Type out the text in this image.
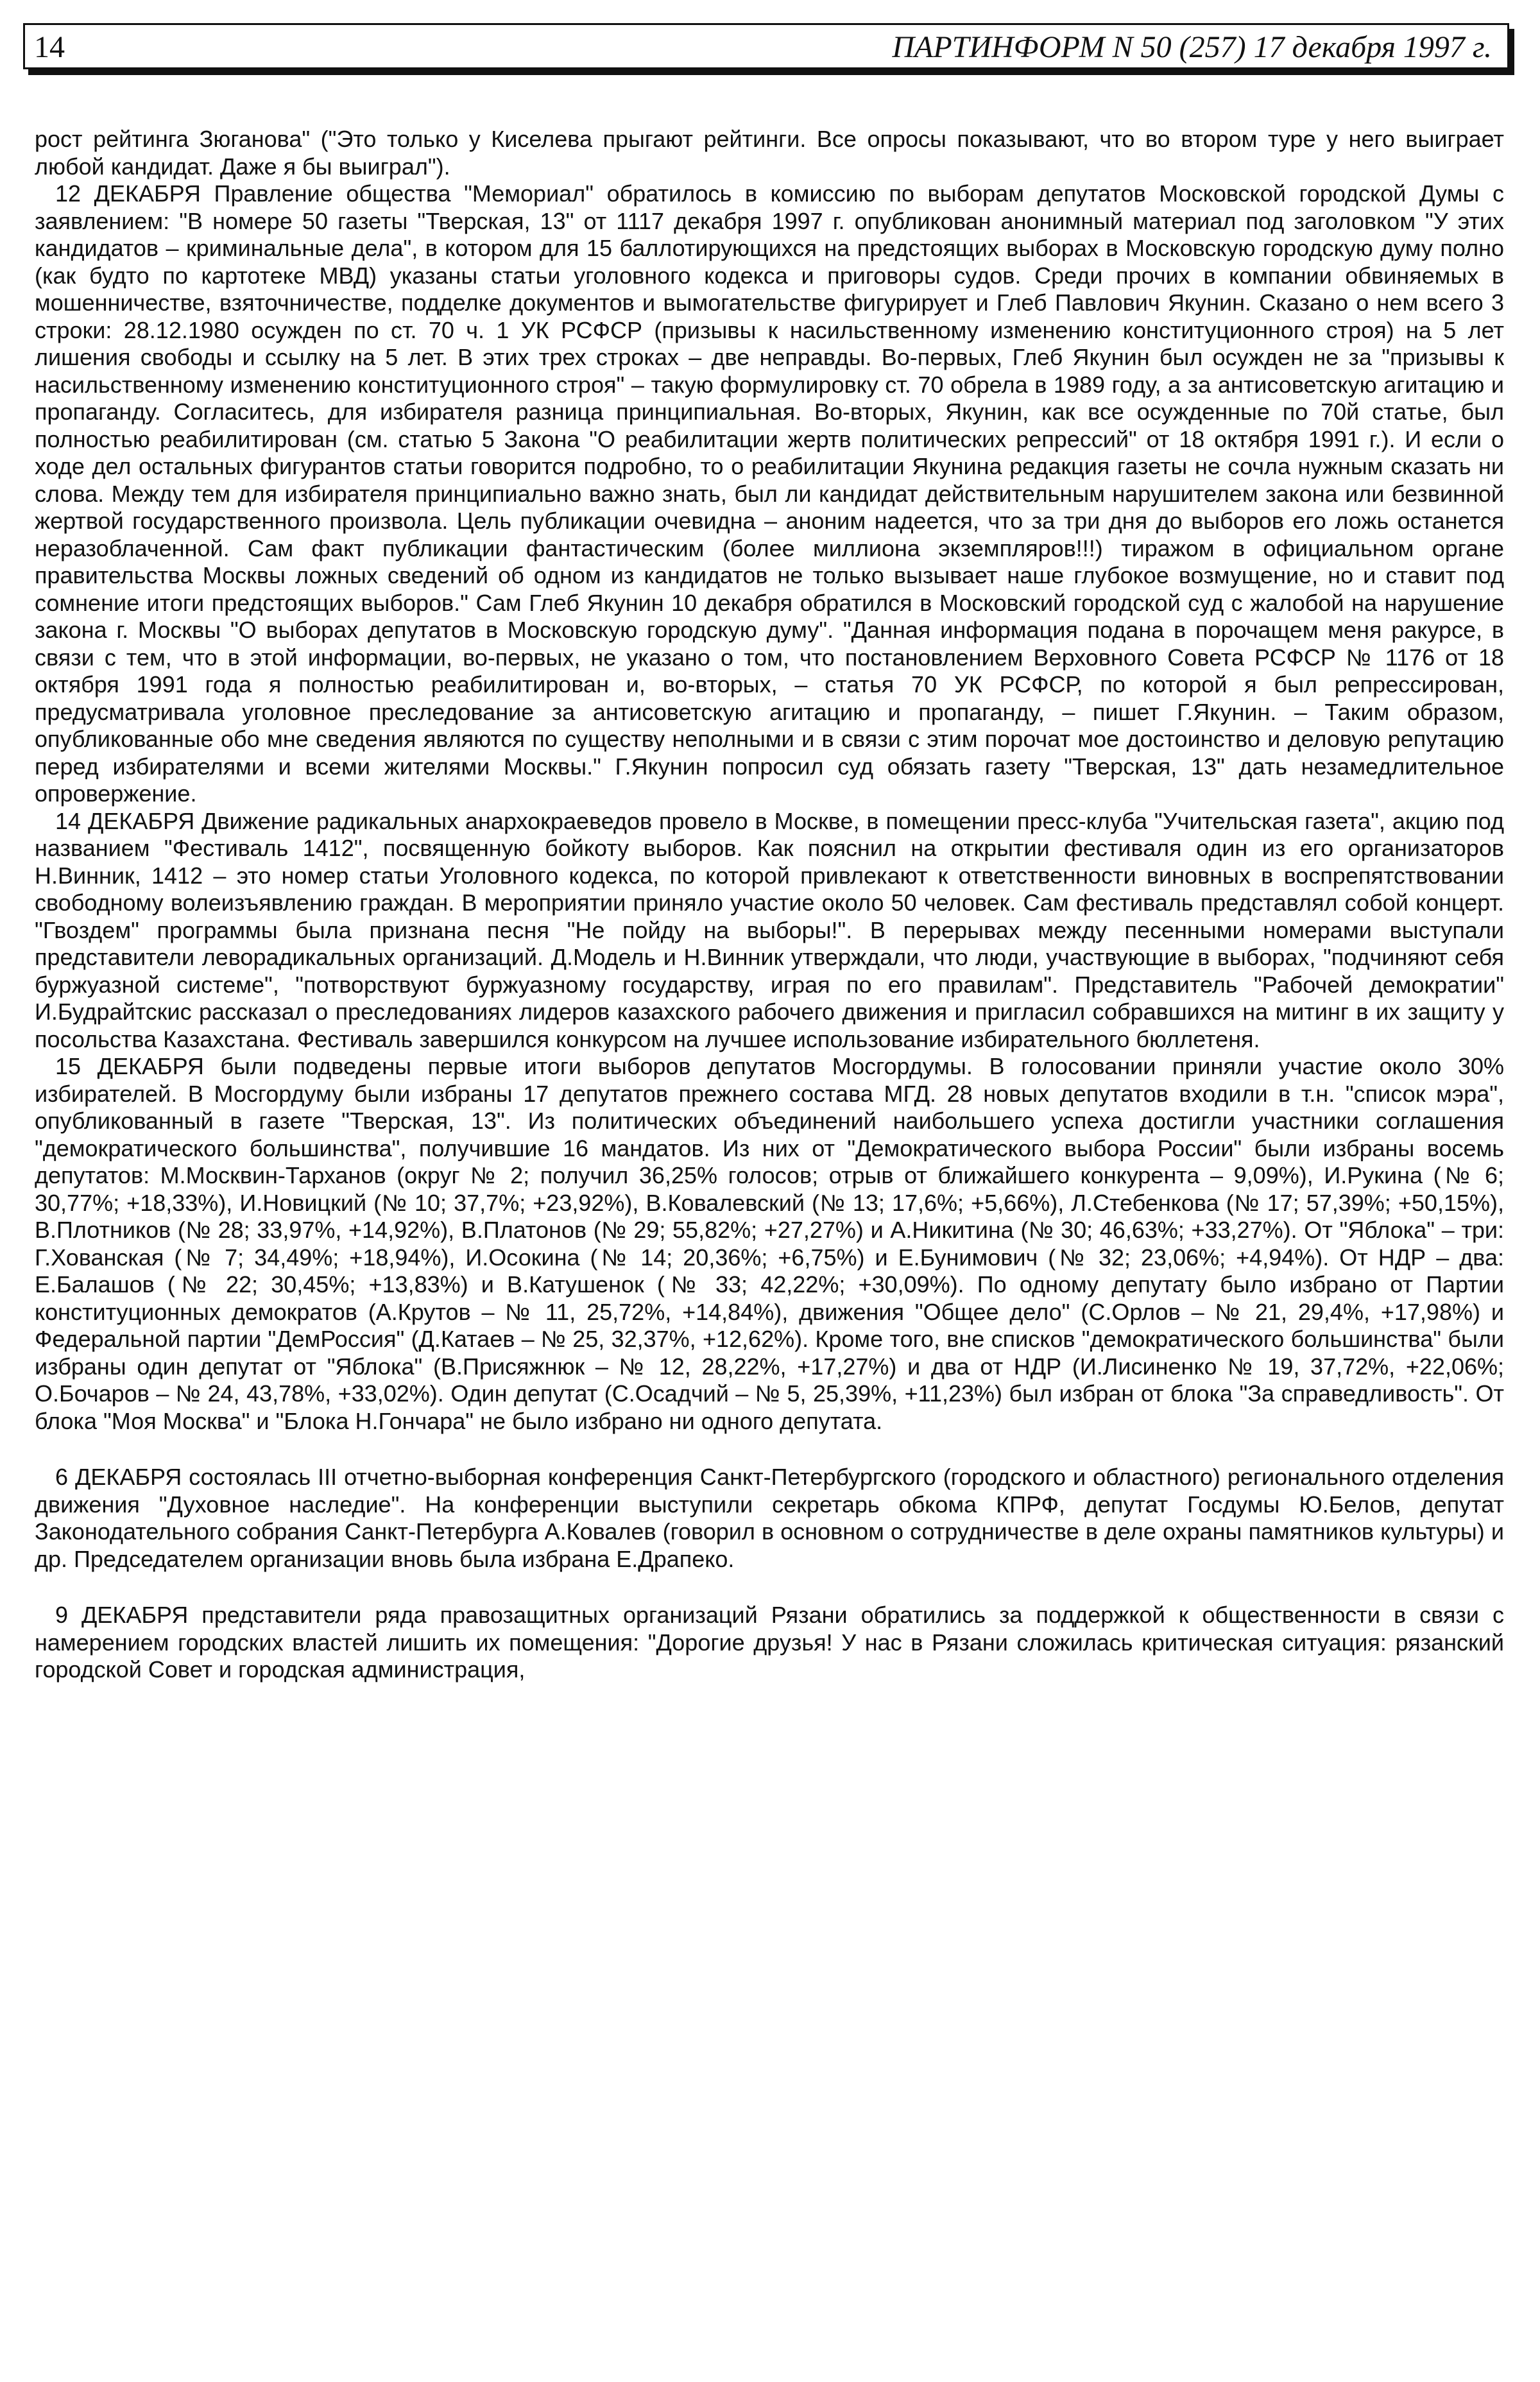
14	ПАРТИНФОРМ N 50 (257) 17 декабря 1997 г.

рост рейтинга Зюганова" ("Это только у Киселева прыгают рейтинги. Все опросы показывают, что во втором туре у него выиграет любой кандидат. Даже я бы выиграл").

12 ДЕКАБРЯ Правление общества "Мемориал" обратилось в комиссию по выборам депутатов Московской городской Думы с заявлением: "В номере 50 газеты "Тверская, 13" от 1117 декабря 1997 г. опубликован анонимный материал под заголовком "У этих кандидатов – криминальные дела", в котором для 15 баллотирующихся на предстоящих выборах в Московскую городскую думу полно (как будто по картотеке МВД) указаны статьи уголовного кодекса и приговоры судов. Среди прочих в компании обвиняемых в мошенничестве, взяточничестве, подделке документов и вымогательстве фигурирует и Глеб Павлович Якунин. Сказано о нем всего 3 строки: 28.12.1980 осужден по ст. 70 ч. 1 УК РСФСР (призывы к насильственному изменению конституционного строя) на 5 лет лишения свободы и ссылку на 5 лет. В этих трех строках – две неправды. Во-первых, Глеб Якунин был осужден не за "призывы к насильственному изменению конституционного строя" – такую формулировку ст. 70 обрела в 1989 году, а за антисоветскую агитацию и пропаганду. Согласитесь, для избирателя разница принципиальная. Во-вторых, Якунин, как все осужденные по 70й статье, был полностью реабилитирован (см. статью 5 Закона "О реабилитации жертв политических репрессий" от 18 октября 1991 г.). И если о ходе дел остальных фигурантов статьи говорится подробно, то о реабилитации Якунина редакция газеты не сочла нужным сказать ни слова. Между тем для избирателя принципиально важно знать, был ли кандидат действительным нарушителем закона или безвинной жертвой государственного произвола. Цель публикации очевидна – аноним надеется, что за три дня до выборов его ложь останется неразоблаченной. Сам факт публикации фантастическим (более миллиона экземпляров!!!) тиражом в официальном органе правительства Москвы ложных сведений об одном из кандидатов не только вызывает наше глубокое возмущение, но и ставит под сомнение итоги предстоящих выборов." Сам Глеб Якунин 10 декабря обратился в Московский городской суд с жалобой на нарушение закона г. Москвы "О выборах депутатов в Московскую городскую думу". "Данная информация подана в порочащем меня ракурсе, в связи с тем, что в этой информации, во-первых, не указано о том, что постановлением Верховного Совета РСФСР № 1176 от 18 октября 1991 года я полностью реабилитирован и, во-вторых, – статья 70 УК РСФСР, по которой я был репрессирован, предусматривала уголовное преследование за антисоветскую агитацию и пропаганду, – пишет Г.Якунин. – Таким образом, опубликованные обо мне сведения являются по существу неполными и в связи с этим порочат мое достоинство и деловую репутацию перед избирателями и всеми жителями Москвы." Г.Якунин попросил суд обязать газету "Тверская, 13" дать незамедлительное опровержение.

14 ДЕКАБРЯ Движение радикальных анархокраеведов провело в Москве, в помещении пресс-клуба "Учительская газета", акцию под названием "Фестиваль 1412", посвященную бойкоту выборов. Как пояснил на открытии фестиваля один из его организаторов Н.Винник, 1412 – это номер статьи Уголовного кодекса, по которой привлекают к ответственности виновных в воспрепятствовании свободному волеизъявлению граждан. В мероприятии приняло участие около 50 человек. Сам фестиваль представлял собой концерт. "Гвоздем" программы была признана песня "Не пойду на выборы!". В перерывах между песенными номерами выступали представители леворадикальных организаций. Д.Модель и Н.Винник утверждали, что люди, участвующие в выборах, "подчиняют себя буржуазной системе", "потворствуют буржуазному государству, играя по его правилам". Представитель "Рабочей демократии" И.Будрайтскис рассказал о преследованиях лидеров казахского рабочего движения и пригласил собравшихся на митинг в их защиту у посольства Казахстана. Фестиваль завершился конкурсом на лучшее использование избирательного бюллетеня.

15 ДЕКАБРЯ были подведены первые итоги выборов депутатов Мосгордумы. В голосовании приняли участие около 30% избирателей. В Мосгордуму были избраны 17 депутатов прежнего состава МГД. 28 новых депутатов входили в т.н. "список мэра", опубликованный в газете "Тверская, 13". Из политических объединений наибольшего успеха достигли участники соглашения "демократического большинства", получившие 16 мандатов. Из них от "Демократического выбора России" были избраны восемь депутатов: М.Москвин-Тарханов (округ № 2; получил 36,25% голосов; отрыв от ближайшего конкурента – 9,09%), И.Рукина (№ 6; 30,77%; +18,33%), И.Новицкий (№ 10; 37,7%; +23,92%), В.Ковалевский (№ 13; 17,6%; +5,66%), Л.Стебенкова (№ 17; 57,39%; +50,15%), В.Плотников (№ 28; 33,97%, +14,92%), В.Платонов (№ 29; 55,82%; +27,27%) и А.Никитина (№ 30; 46,63%; +33,27%). От "Яблока" – три: Г.Хованская (№ 7; 34,49%; +18,94%), И.Осокина (№ 14; 20,36%; +6,75%) и Е.Бунимович (№ 32; 23,06%; +4,94%). От НДР – два: Е.Балашов (№ 22; 30,45%; +13,83%) и В.Катушенок (№ 33; 42,22%; +30,09%). По одному депутату было избрано от Партии конституционных демократов (А.Крутов – № 11, 25,72%, +14,84%), движения "Общее дело" (С.Орлов – № 21, 29,4%, +17,98%) и Федеральной партии "ДемРоссия" (Д.Катаев – № 25, 32,37%, +12,62%). Кроме того, вне списков "демократического большинства" были избраны один депутат от "Яблока" (В.Присяжнюк – № 12, 28,22%, +17,27%) и два от НДР (И.Лисиненко № 19, 37,72%, +22,06%; О.Бочаров – № 24, 43,78%, +33,02%). Один депутат (С.Осадчий – № 5, 25,39%, +11,23%) был избран от блока "За справедливость". От блока "Моя Москва" и "Блока Н.Гончара" не было избрано ни одного депутата.

6 ДЕКАБРЯ состоялась III отчетно-выборная конференция Санкт-Петербургского (городского и областного) регионального отделения движения "Духовное наследие". На конференции выступили секретарь обкома КПРФ, депутат Госдумы Ю.Белов, депутат Законодательного собрания Санкт-Петербурга А.Ковалев (говорил в основном о сотрудничестве в деле охраны памятников культуры) и др. Председателем организации вновь была избрана Е.Драпеко.

9 ДЕКАБРЯ представители ряда правозащитных организаций Рязани обратились за поддержкой к общественности в связи с намерением городских властей лишить их помещения: "Дорогие друзья! У нас в Рязани сложилась критическая ситуация: рязанский городской Совет и городская администрация,
